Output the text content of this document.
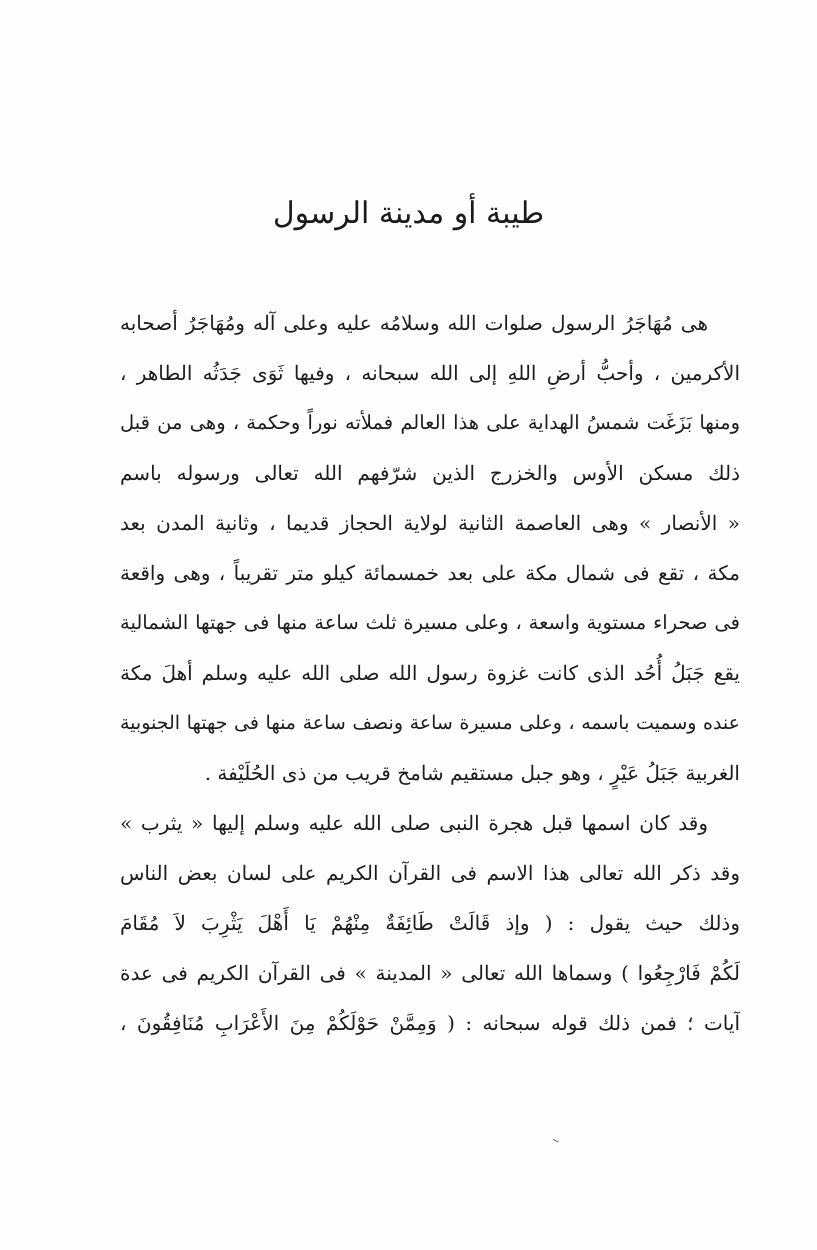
طيبة أو مدينة الرسول
هى مُهَاجَرُ الرسول صلوات الله وسلامُه عليه وعلى آله ومُهَاجَرُ أصحابه
الأكرمين ، وأحبُّ أرضِ اللهِ إلى الله سبحانه ، وفيها ثَوَى جَدَثُه الطاهر ،
ومنها بَزَغَت شمسُ الهداية على هذا العالم فملأته نوراً وحكمة ، وهى من قبل
ذلك مسكن الأوس والخزرج الذين شرّفهم الله تعالى ورسوله باسم
« الأنصار » وهى العاصمة الثانية لولاية الحجاز قديما ، وثانية المدن بعد
مكة ، تقع فى شمال مكة على بعد خمسمائة كيلو متر تقريباً ، وهى واقعة
فى صحراء مستوية واسعة ، وعلى مسيرة ثلث ساعة منها فى جهتها الشمالية
يقع جَبَلُ أُحُد الذى كانت غزوة رسول الله صلى الله عليه وسلم أهلَ مكة
عنده وسميت باسمه ، وعلى مسيرة ساعة ونصف ساعة منها فى جهتها الجنوبية
الغربية جَبَلُ عَيْرٍ ، وهو جبل مستقيم شامخ قريب من ذى الحُلَيْفة .
وقد كان اسمها قبل هجرة النبى صلى الله عليه وسلم إليها « يثرب »
وقد ذكر الله تعالى هذا الاسم فى القرآن الكريم على لسان بعض الناس
وذلك حيث يقول : ( وإذ قَالَتْ طَائِفَةٌ مِنْهُمْ يَا أَهْلَ يَثْرِبَ لاَ مُقَامَ
لَكُمْ فَارْجِعُوا ) وسماها الله تعالى « المدينة » فى القرآن الكريم فى عدة
آيات ؛ فمن ذلك قوله سبحانه : ( وَمِمَّنْ حَوْلَكُمْ مِنَ الأَعْرَابِ مُنَافِقُونَ ،
